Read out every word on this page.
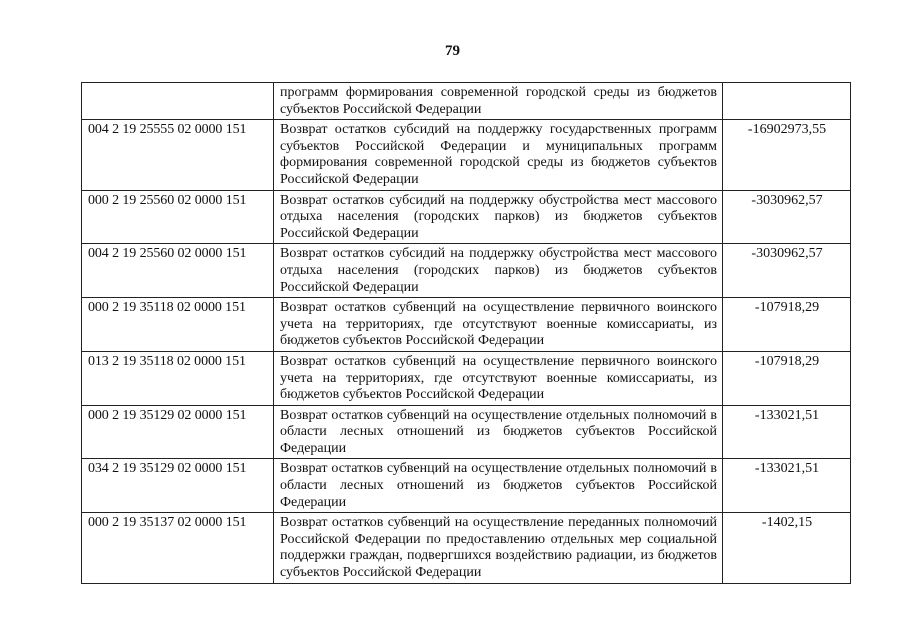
79
	программ формирования современной городской среды из бюджетов субъектов Российской Федерации	
004 2 19 25555 02 0000 151	Возврат остатков субсидий на поддержку государственных программ субъектов Российской Федерации и муниципальных программ формирования современной городской среды из бюджетов субъектов Российской Федерации	-16902973,55
000 2 19 25560 02 0000 151	Возврат остатков субсидий на поддержку обустройства мест массового отдыха населения (городских парков) из бюджетов субъектов Российской Федерации	-3030962,57
004 2 19 25560 02 0000 151	Возврат остатков субсидий на поддержку обустройства мест массового отдыха населения (городских парков) из бюджетов субъектов Российской Федерации	-3030962,57
000 2 19 35118 02 0000 151	Возврат остатков субвенций на осуществление первичного воинского учета на территориях, где отсутствуют военные комиссариаты, из бюджетов субъектов Российской Федерации	-107918,29
013 2 19 35118 02 0000 151	Возврат остатков субвенций на осуществление первичного воинского учета на территориях, где отсутствуют военные комиссариаты, из бюджетов субъектов Российской Федерации	-107918,29
000 2 19 35129 02 0000 151	Возврат остатков субвенций на осуществление отдельных полномочий в области лесных отношений из бюджетов субъектов Российской Федерации	-133021,51
034 2 19 35129 02 0000 151	Возврат остатков субвенций на осуществление отдельных полномочий в области лесных отношений из бюджетов субъектов Российской Федерации	-133021,51
000 2 19 35137 02 0000 151	Возврат остатков субвенций на осуществление переданных полномочий Российской Федерации по предоставлению отдельных мер социальной поддержки граждан, подвергшихся воздействию радиации, из бюджетов субъектов Российской Федерации	-1402,15
